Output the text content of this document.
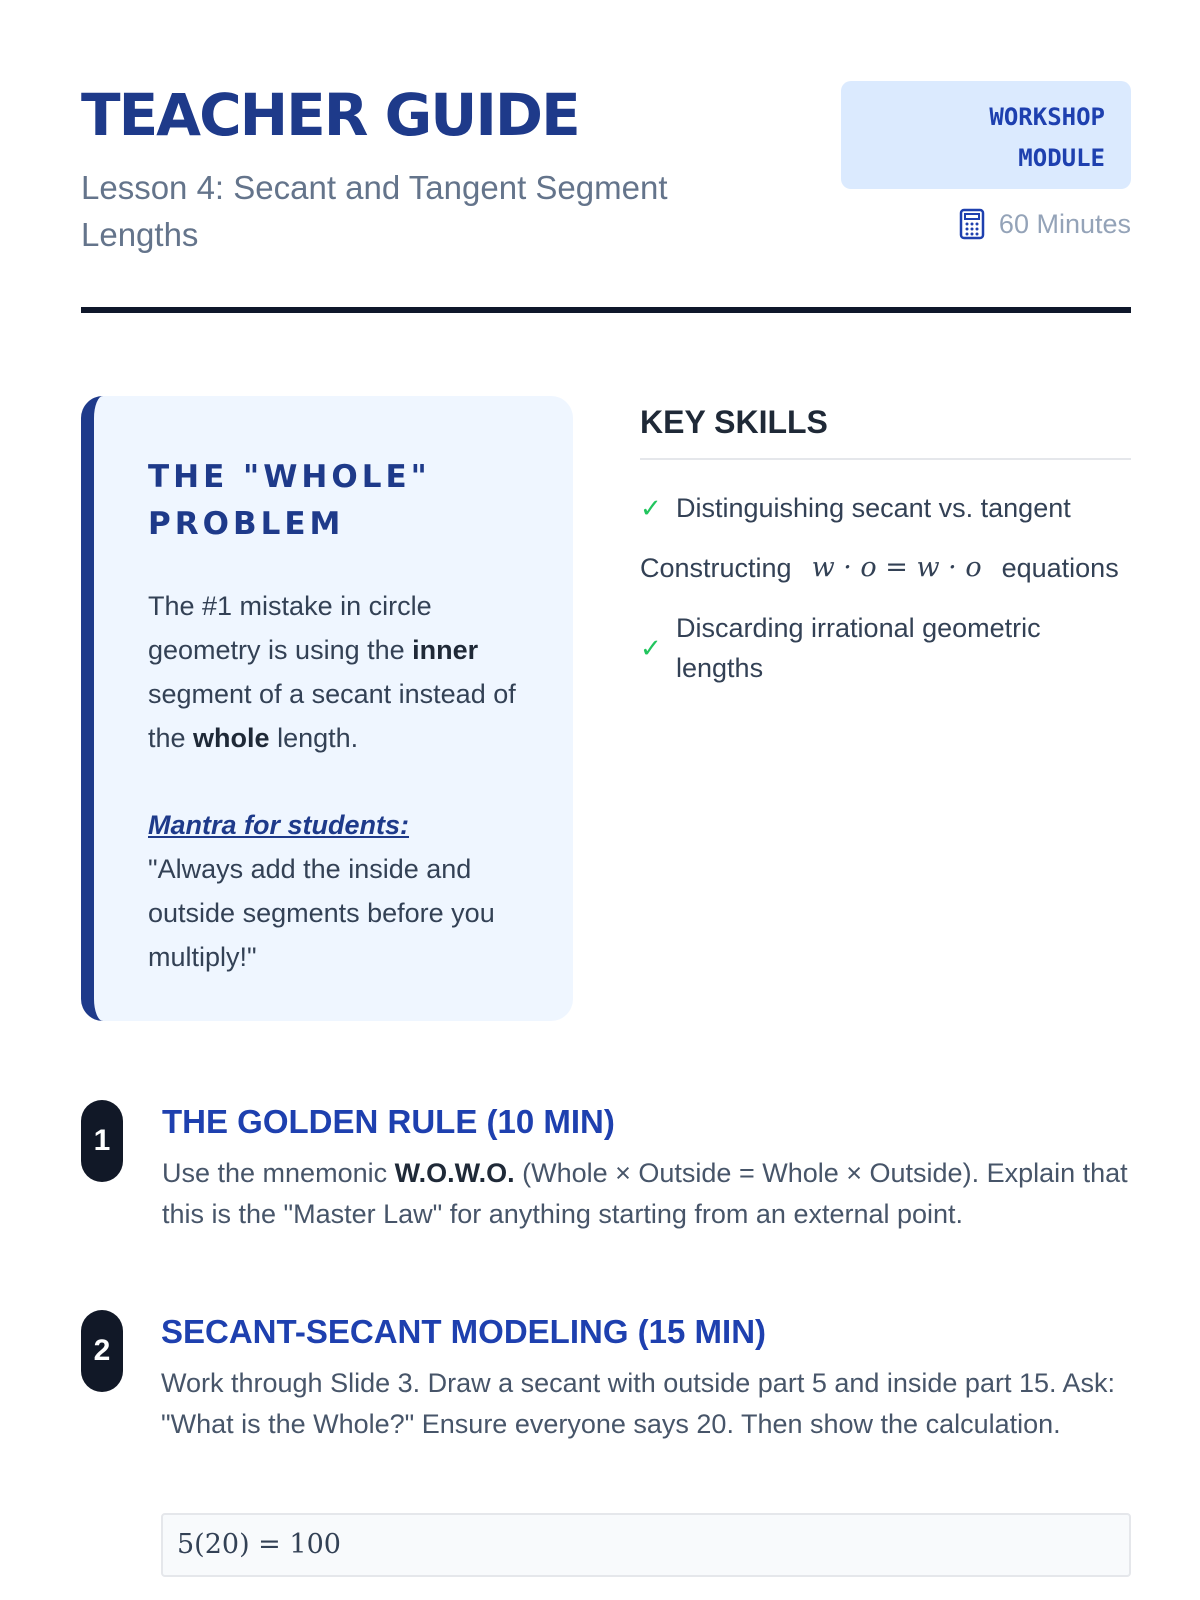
TEACHER GUIDE
Lesson 4: Secant and Tangent Segment Lengths
WORKSHOP
MODULE
60 Minutes
THE "WHOLE" PROBLEM
The #1 mistake in circle geometry is using the inner segment of a secant instead of the whole length.
Mantra for students:
"Always add the inside and outside segments before you multiply!"
KEY SKILLS
✓ Distinguishing secant vs. tangent
Constructing w · o = w · o equations
✓
Discarding irrational geometric lengths
1
THE GOLDEN RULE (10 MIN)
Use the mnemonic W.O.W.O. (Whole × Outside = Whole × Outside). Explain that this is the "Master Law" for anything starting from an external point.
2
SECANT-SECANT MODELING (15 MIN)
Work through Slide 3. Draw a secant with outside part 5 and inside part 15. Ask: "What is the Whole?" Ensure everyone says 20. Then show the calculation.
5(20) = 100
